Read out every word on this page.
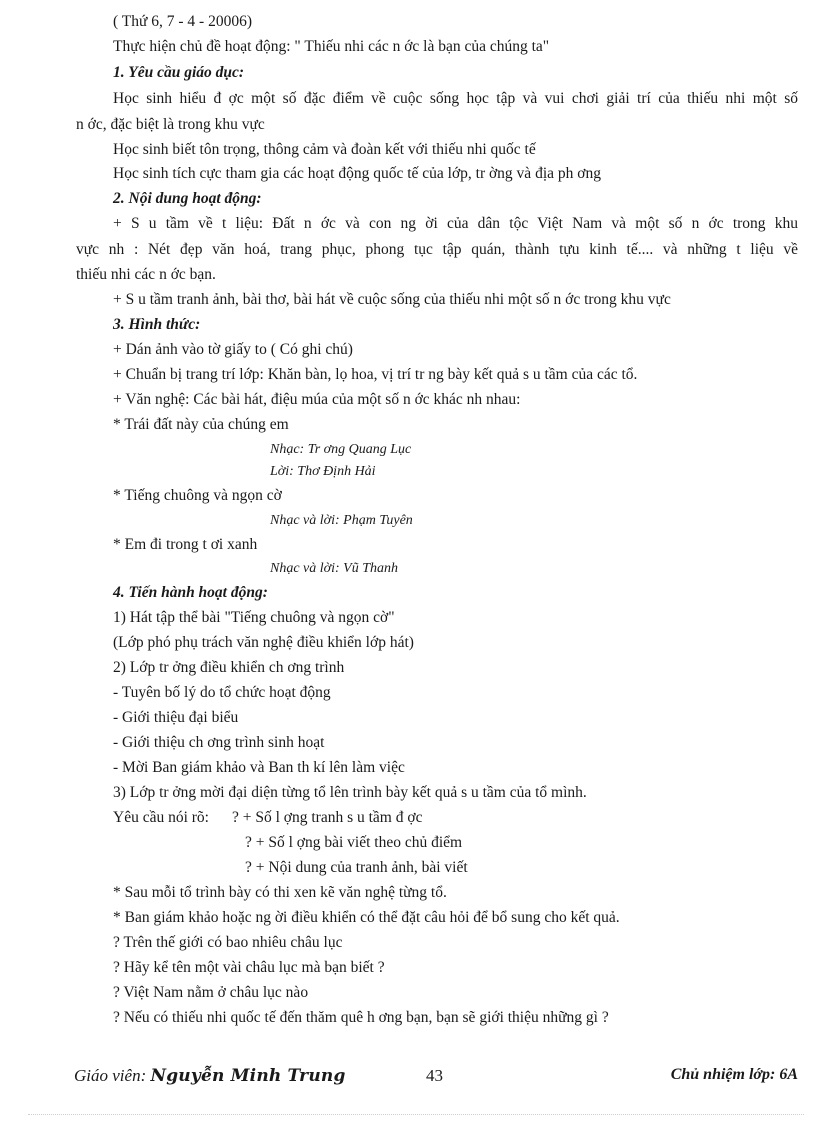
( Thứ 6, 7 - 4 - 20006)

Thực hiện chủ đề hoạt động: " Thiếu nhi các n ớc là bạn của chúng ta"

1. Yêu cầu giáo dục:

Học sinh hiểu đ ợc một số đặc điểm về cuộc sống học tập và vui chơi giải trí của thiếu nhi một số

n ớc, đặc biệt là trong khu vực

Học sinh biết tôn trọng, thông cảm và đoàn kết với thiếu nhi quốc tế

Học sinh tích cực tham gia các hoạt động quốc tế của lớp, tr ờng và địa ph ơng

2. Nội dung hoạt động:

+ S u tầm về t liệu: Đất n ớc và con ng ời của dân tộc Việt Nam và một số n ớc trong khu

vực nh : Nét đẹp văn hoá, trang phục, phong tục tập quán, thành tựu kinh tế.... và những t liệu về

thiếu nhi các n ớc bạn.

+ S u tầm tranh ảnh, bài thơ, bài hát về cuộc sống của thiếu nhi một số n ớc trong khu vực

3. Hình thức:

+ Dán ảnh vào tờ giấy to ( Có ghi chú)

+ Chuẩn bị trang trí lớp: Khăn bàn, lọ hoa, vị trí tr ng bày kết quả s u tầm của các tổ.

+ Văn nghệ: Các bài hát, điệu múa của một số n ớc khác nh nhau:

* Trái đất này của chúng em

Nhạc: Tr ơng Quang Lục

Lời: Thơ Định Hải

* Tiếng chuông và ngọn cờ

Nhạc và lời: Phạm Tuyên

* Em đi trong t ơi xanh

Nhạc và lời: Vũ Thanh

4. Tiến hành hoạt động:

1) Hát tập thể bài "Tiếng chuông và ngọn cờ"

(Lớp phó phụ trách văn nghệ điều khiển lớp hát)

2) Lớp tr ởng điều khiển ch ơng trình

- Tuyên bố lý do tổ chức hoạt động

- Giới thiệu đại biểu

- Giới thiệu ch ơng trình sinh hoạt

- Mời Ban giám khảo và Ban th kí lên làm việc

3) Lớp tr ởng mời đại diện từng tổ lên trình bày kết quả s u tầm của tổ mình.

Yêu cầu nói rõ: ? + Số l ợng tranh s u tầm đ ợc

? + Số l ợng bài viết theo chủ điểm

? + Nội dung của tranh ảnh, bài viết

* Sau mỗi tổ trình bày có thi xen kẽ văn nghệ từng tổ.

* Ban giám khảo hoặc ng ời điều khiển có thể đặt câu hỏi để bổ sung cho kết quả.

? Trên thế giới có bao nhiêu châu lục

? Hãy kể tên một vài châu lục mà bạn biết ?

? Việt Nam nằm ở châu lục nào

? Nếu có thiếu nhi quốc tế đến thăm quê h ơng bạn, bạn sẽ giới thiệu những gì ?

Giáo viên: Nguyễn Minh Trung	43	Chủ nhiệm lớp: 6A
